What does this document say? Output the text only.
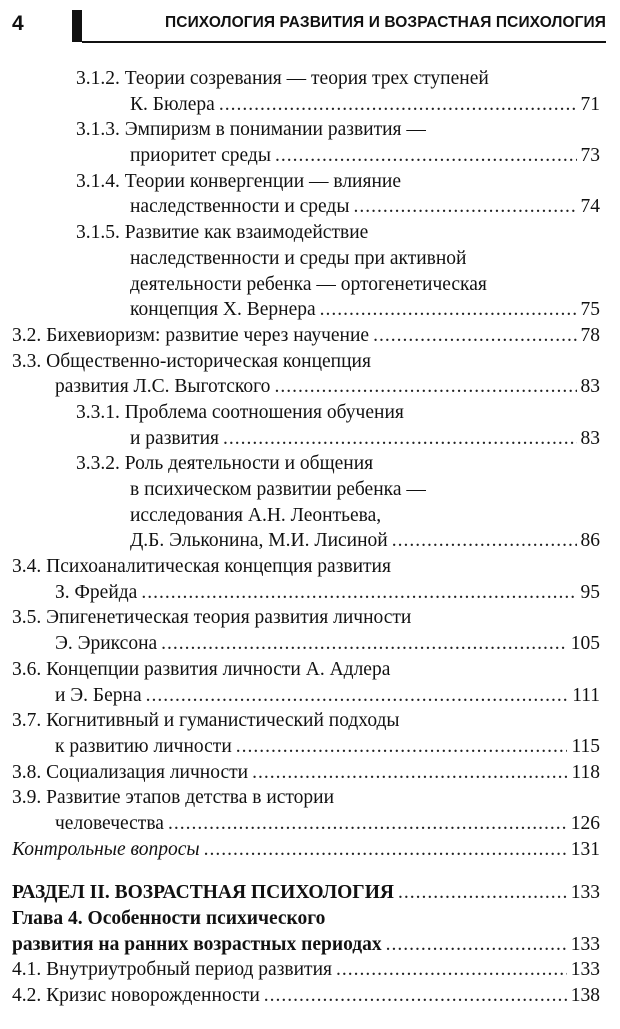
4	ПСИХОЛОГИЯ РАЗВИТИЯ И ВОЗРАСТНАЯ ПСИХОЛОГИЯ
3.1.2. Теории созревания — теория трех ступеней
К. Бюлера .....	71
3.1.3. Эмпиризм в понимании развития —
приоритет среды .....	73
3.1.4. Теории конвергенции — влияние
наследственности и среды .....	74
3.1.5. Развитие как взаимодействие
наследственности и среды при активной
деятельности ребенка — ортогенетическая
концепция Х. Вернера .....	75
3.2. Бихевиоризм: развитие через научение .....	78
3.3. Общественно-историческая концепция
развития Л.С. Выготского .....	83
3.3.1. Проблема соотношения обучения
и развития .....	83
3.3.2. Роль деятельности и общения
в психическом развитии ребенка —
исследования А.Н. Леонтьева,
Д.Б. Эльконина, М.И. Лисиной .....	86
3.4. Психоаналитическая концепция развития
З. Фрейда .....	95
3.5. Эпигенетическая теория развития личности
Э. Эриксона .....	105
3.6. Концепции развития личности А. Адлера
и Э. Берна .....	111
3.7. Когнитивный и гуманистический подходы
к развитию личности .....	115
3.8. Социализация личности .....	118
3.9. Развитие этапов детства в истории
человечества .....	126
Контрольные вопросы .....	131
РАЗДЕЛ II. ВОЗРАСТНАЯ ПСИХОЛОГИЯ .....	133
Глава 4. Особенности психического
развития на ранних возрастных периодах .....	133
4.1. Внутриутробный период развития .....	133
4.2. Кризис новорожденности .....	138
